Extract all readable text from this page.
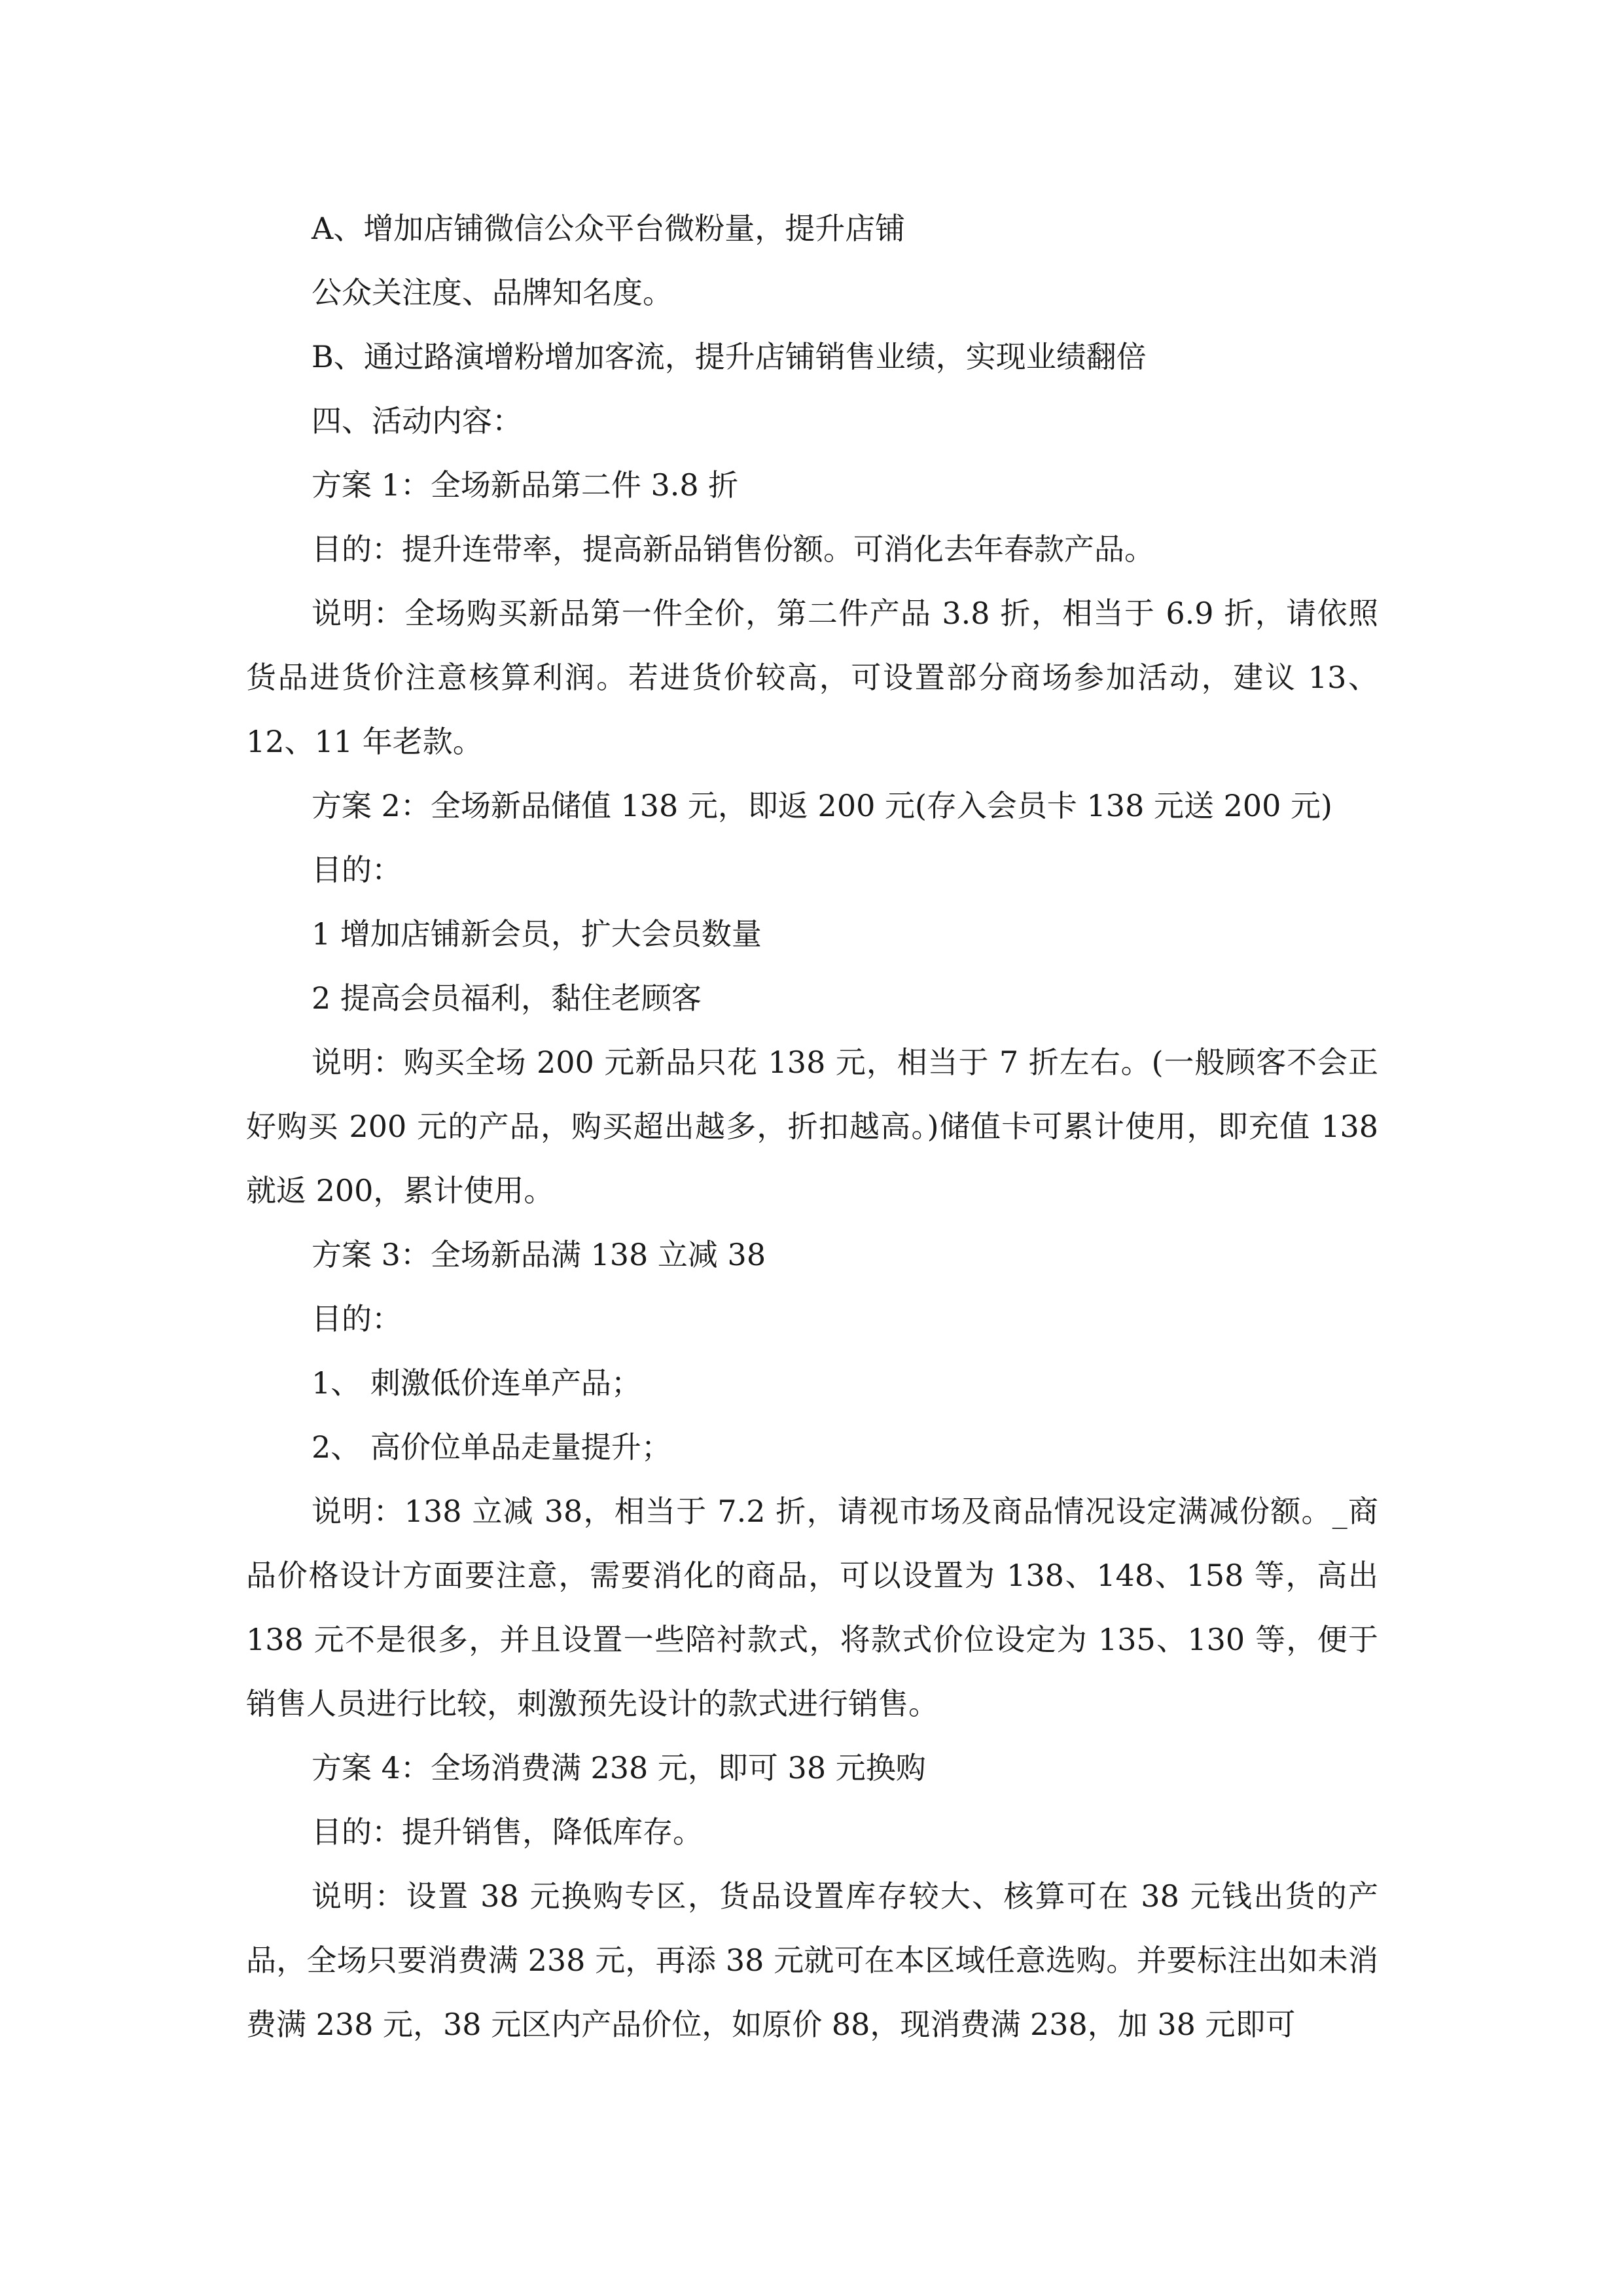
A、增加店铺微信公众平台微粉量，提升店铺

公众关注度、品牌知名度。

B、通过路演增粉增加客流，提升店铺销售业绩，实现业绩翻倍

四、活动内容：

方案 1：全场新品第二件 3.8 折

目的：提升连带率，提高新品销售份额。可消化去年春款产品。

说明：全场购买新品第一件全价，第二件产品 3.8 折，相当于 6.9 折，请依照货品进货价注意核算利润。若进货价较高，可设置部分商场参加活动，建议 13、12、11 年老款。

方案 2：全场新品储值 138 元，即返 200 元(存入会员卡 138 元送 200 元)

目的：

1 增加店铺新会员，扩大会员数量

2 提高会员福利，黏住老顾客

说明：购买全场 200 元新品只花 138 元，相当于 7 折左右。(一般顾客不会正好购买 200 元的产品，购买超出越多，折扣越高。)储值卡可累计使用，即充值 138 就返 200，累计使用。

方案 3：全场新品满 138 立减 38

目的：

1、 刺激低价连单产品；

2、 高价位单品走量提升；

说明：138 立减 38，相当于 7.2 折，请视市场及商品情况设定满减份额。_商品价格设计方面要注意，需要消化的商品，可以设置为 138、148、158 等，高出 138 元不是很多，并且设置一些陪衬款式，将款式价位设定为 135、130 等，便于销售人员进行比较，刺激预先设计的款式进行销售。

方案 4：全场消费满 238 元，即可 38 元换购

目的：提升销售，降低库存。

说明：设置 38 元换购专区，货品设置库存较大、核算可在 38 元钱出货的产品，全场只要消费满 238 元，再添 38 元就可在本区域任意选购。并要标注出如未消费满 238 元，38 元区内产品价位，如原价 88，现消费满 238，加 38 元即可
